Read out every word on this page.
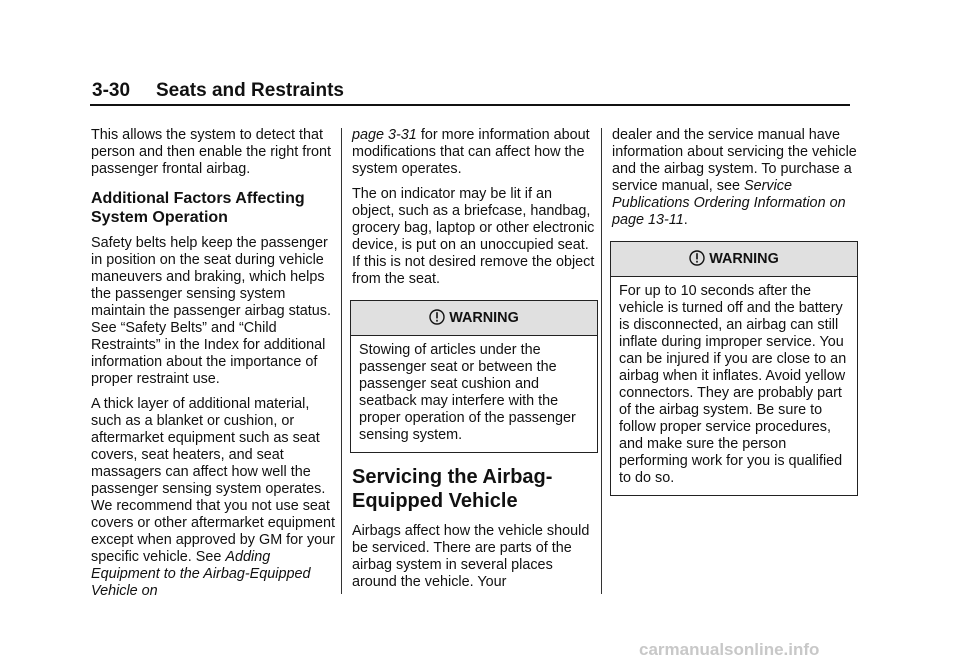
3-30 Seats and Restraints

This allows the system to detect that person and then enable the right front passenger frontal airbag.

Additional Factors Affecting System Operation

Safety belts help keep the passenger in position on the seat during vehicle maneuvers and braking, which helps the passenger sensing system maintain the passenger airbag status. See “Safety Belts” and “Child Restraints” in the Index for additional information about the importance of proper restraint use.

A thick layer of additional material, such as a blanket or cushion, or aftermarket equipment such as seat covers, seat heaters, and seat massagers can affect how well the passenger sensing system operates. We recommend that you not use seat covers or other aftermarket equipment except when approved by GM for your specific vehicle. See Adding Equipment to the Airbag-Equipped Vehicle on

page 3-31 for more information about modifications that can affect how the system operates.

The on indicator may be lit if an object, such as a briefcase, handbag, grocery bag, laptop or other electronic device, is put on an unoccupied seat. If this is not desired remove the object from the seat.

WARNING
Stowing of articles under the passenger seat or between the passenger seat cushion and seatback may interfere with the proper operation of the passenger sensing system.
Servicing the Airbag-Equipped Vehicle

Airbags affect how the vehicle should be serviced. There are parts of the airbag system in several places around the vehicle. Your

dealer and the service manual have information about servicing the vehicle and the airbag system. To purchase a service manual, see Service Publications Ordering Information on page 13-11.

WARNING
For up to 10 seconds after the vehicle is turned off and the battery is disconnected, an airbag can still inflate during improper service. You can be injured if you are close to an airbag when it inflates. Avoid yellow connectors. They are probably part of the airbag system. Be sure to follow proper service procedures, and make sure the person performing work for you is qualified to do so.
carmanualsonline.info
